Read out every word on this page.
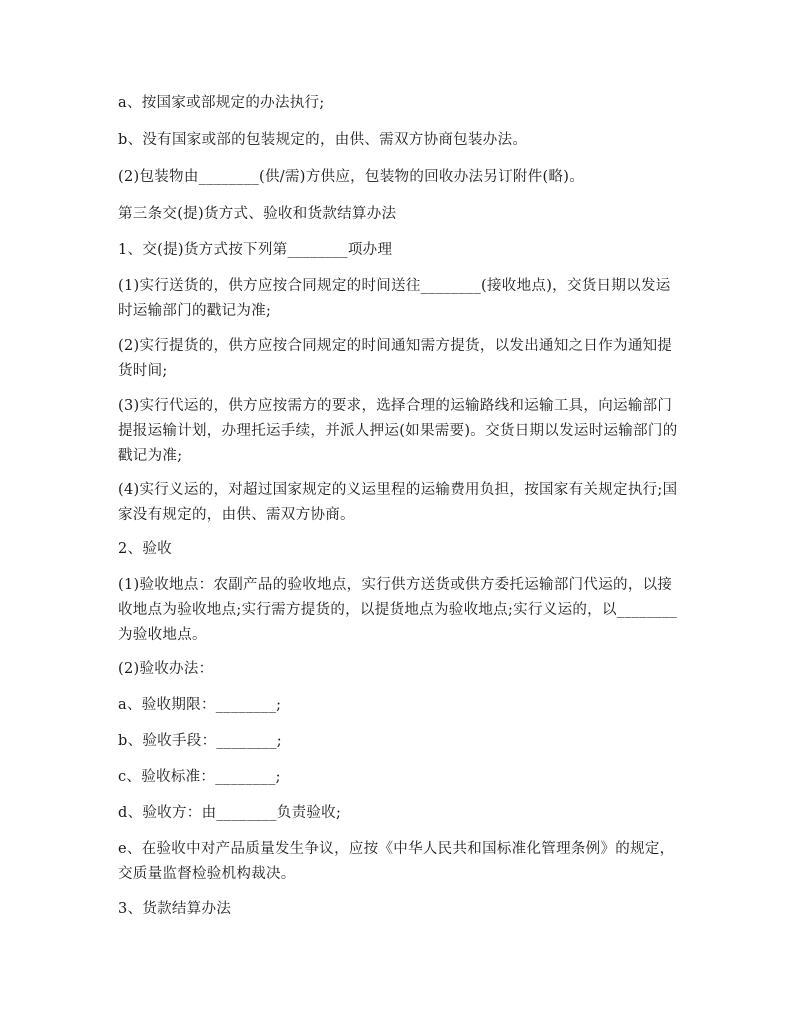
a、按国家或部规定的办法执行;
b、没有国家或部的包装规定的，由供、需双方协商包装办法。
(2)包装物由________(供/需)方供应，包装物的回收办法另订附件(略)。
第三条交(提)货方式、验收和货款结算办法
1、交(提)货方式按下列第________项办理
(1)实行送货的，供方应按合同规定的时间送往________(接收地点)，交货日期以发运时运输部门的戳记为准;
(2)实行提货的，供方应按合同规定的时间通知需方提货，以发出通知之日作为通知提货时间;
(3)实行代运的，供方应按需方的要求，选择合理的运输路线和运输工具，向运输部门提报运输计划，办理托运手续，并派人押运(如果需要)。交货日期以发运时运输部门的戳记为准;
(4)实行义运的，对超过国家规定的义运里程的运输费用负担，按国家有关规定执行;国家没有规定的，由供、需双方协商。
2、验收
(1)验收地点：农副产品的验收地点，实行供方送货或供方委托运输部门代运的，以接收地点为验收地点;实行需方提货的，以提货地点为验收地点;实行义运的，以________为验收地点。
(2)验收办法：
a、验收期限：________;
b、验收手段：________;
c、验收标准：________;
d、验收方：由________负责验收;
e、在验收中对产品质量发生争议，应按《中华人民共和国标准化管理条例》的规定，交质量监督检验机构裁决。
3、货款结算办法
